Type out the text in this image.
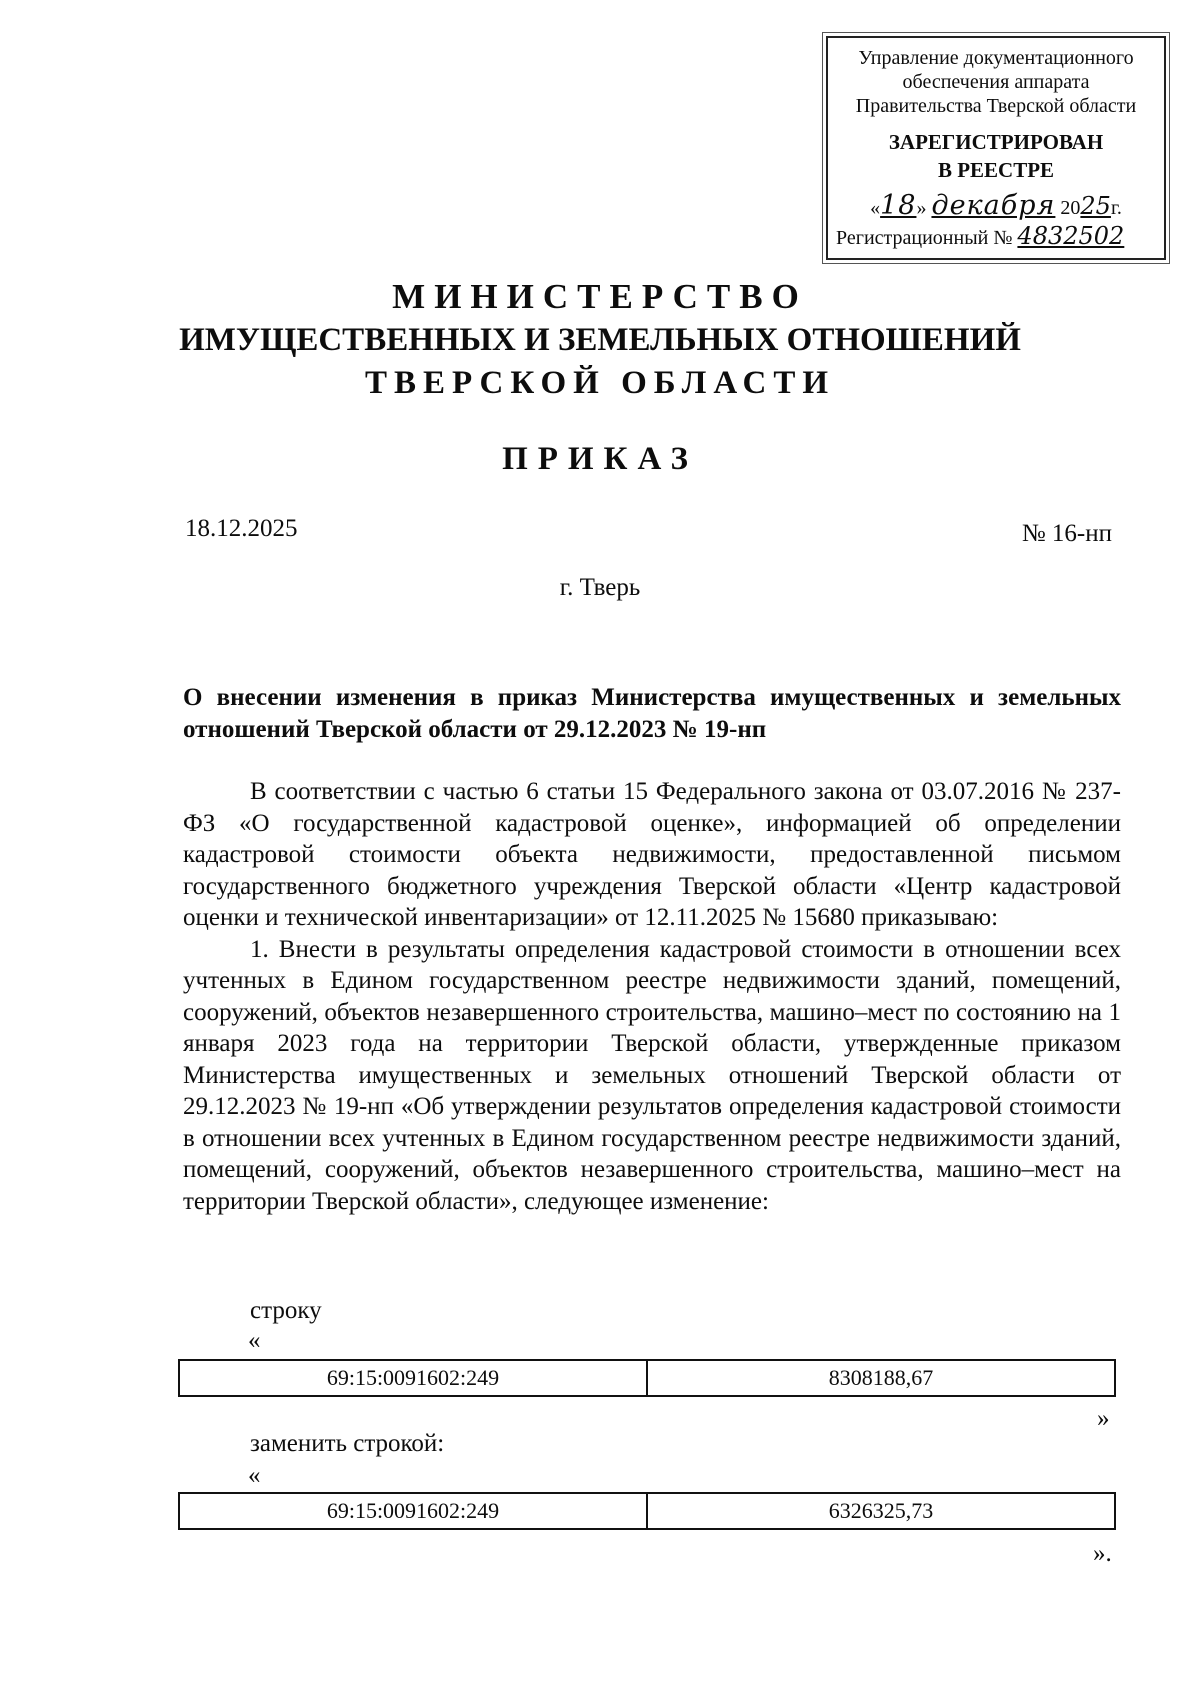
Управление документационного
обеспечения аппарата
Правительства Тверской области
ЗАРЕГИСТРИРОВАН
В РЕЕСТРЕ
«18» декабря 2025г.
Регистрационный № 4832502
МИНИСТЕРСТВО
ИМУЩЕСТВЕННЫХ И ЗЕМЕЛЬНЫХ ОТНОШЕНИЙ
ТВЕРСКОЙ ОБЛАСТИ
ПРИКАЗ
18.12.2025	№ 16-нп
г. Тверь
О внесении изменения в приказ Министерства имущественных и земельных отношений Тверской области от 29.12.2023 № 19-нп

В соответствии с частью 6 статьи 15 Федерального закона от 03.07.2016 № 237-ФЗ «О государственной кадастровой оценке», информацией об определении кадастровой стоимости объекта недвижимости, предоставленной письмом государственного бюджетного учреждения Тверской области «Центр кадастровой оценки и технической инвентаризации» от 12.11.2025 № 15680 приказываю:

1. Внести в результаты определения кадастровой стоимости в отношении всех учтенных в Едином государственном реестре недвижимости зданий, помещений, сооружений, объектов незавершенного строительства, машино–мест по состоянию на 1 января 2023 года на территории Тверской области, утвержденные приказом Министерства имущественных и земельных отношений Тверской области от 29.12.2023 № 19-нп «Об утверждении результатов определения кадастровой стоимости в отношении всех учтенных в Едином государственном реестре недвижимости зданий, помещений, сооружений, объектов незавершенного строительства, машино–мест на территории Тверской области», следующее изменение:

строку
«
69:15:0091602:249	8308188,67
»
заменить строкой:
«
69:15:0091602:249	6326325,73
».
